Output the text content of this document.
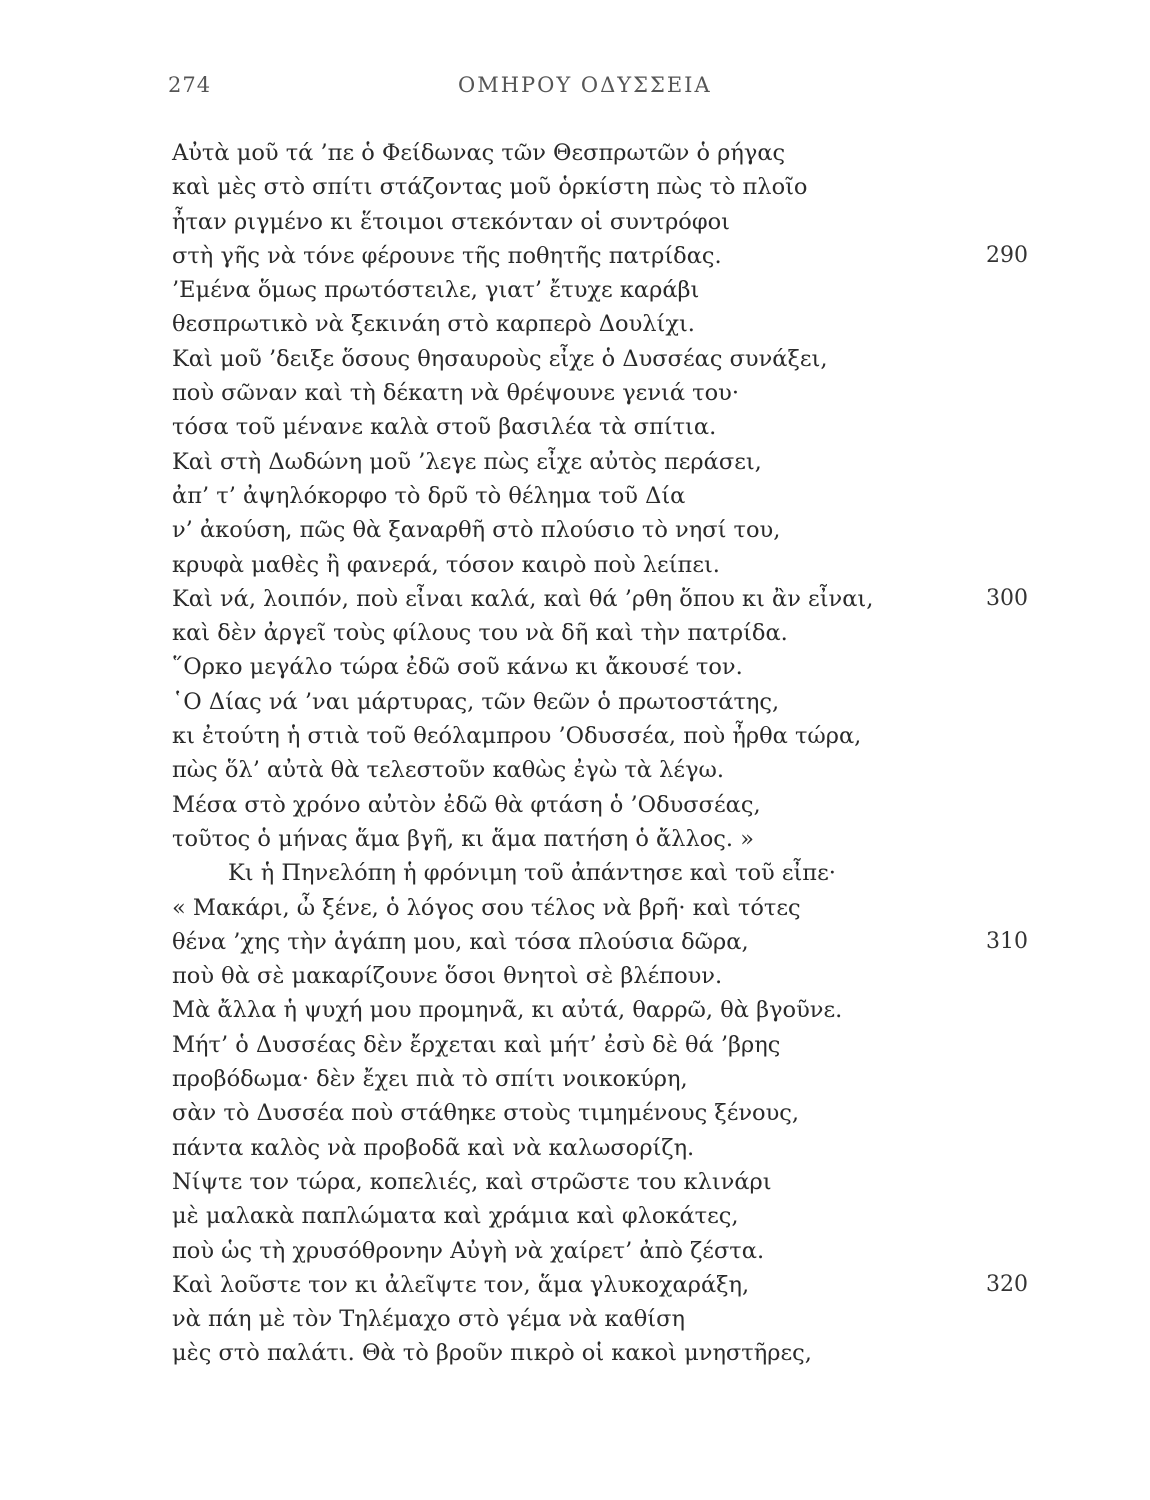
274	ΟΜΗΡΟΥ ΟΔΥΣΣΕΙΑ
Αὐτὰ μοῦ τά ’πε ὁ Φείδωνας τῶν Θεσπρωτῶν ὁ ρήγας
καὶ μὲς στὸ σπίτι στάζοντας μοῦ ὁρκίστη πὼς τὸ πλοῖο
ἦταν ριγμένο κι ἕτοιμοι στεκόνταν οἱ συντρόφοι
στὴ γῆς νὰ τόνε φέρουνε τῆς ποθητῆς πατρίδας.	290
’Εμένα ὅμως πρωτόστειλε, γιατ’ ἔτυχε καράβι
θεσπρωτικὸ νὰ ξεκινάη στὸ καρπερὸ Δουλίχι.
Καὶ μοῦ ’δειξε ὅσους θησαυροὺς εἶχε ὁ Δυσσέας συνάξει,
ποὺ σῶναν καὶ τὴ δέκατη νὰ θρέψουνε γενιά του·
τόσα τοῦ μένανε καλὰ στοῦ βασιλέα τὰ σπίτια.
Καὶ στὴ Δωδώνη μοῦ ’λεγε πὼς εἶχε αὐτὸς περάσει,
ἀπ’ τ’ ἀψηλόκορφο τὸ δρῦ τὸ θέλημα τοῦ Δία
ν’ ἀκούση, πῶς θὰ ξαναρθῆ στὸ πλούσιο τὸ νησί του,
κρυφὰ μαθὲς ἢ φανερά, τόσον καιρὸ ποὺ λείπει.
Καὶ νά, λοιπόν, ποὺ εἶναι καλά, καὶ θά ’ρθη ὅπου κι ἂν εἶναι,	300
καὶ δὲν ἀργεῖ τοὺς φίλους του νὰ δῆ καὶ τὴν πατρίδα.
῞Ορκο μεγάλο τώρα ἐδῶ σοῦ κάνω κι ἄκουσέ τον.
῾Ο Δίας νά ’ναι μάρτυρας, τῶν θεῶν ὁ πρωτοστάτης,
κι ἐτούτη ἡ στιὰ τοῦ θεόλαμπρου ’Οδυσσέα, ποὺ ἦρθα τώρα,
πὼς ὅλ’ αὐτὰ θὰ τελεστοῦν καθὼς ἐγὼ τὰ λέγω.
Μέσα στὸ χρόνο αὐτὸν ἐδῶ θὰ φτάση ὁ ’Οδυσσέας,
τοῦτος ὁ μήνας ἅμα βγῆ, κι ἅμα πατήση ὁ ἄλλος. »
Κι ἡ Πηνελόπη ἡ φρόνιμη τοῦ ἀπάντησε καὶ τοῦ εἶπε·
« Μακάρι, ὦ ξένε, ὁ λόγος σου τέλος νὰ βρῆ· καὶ τότες
θένα ’χης τὴν ἀγάπη μου, καὶ τόσα πλούσια δῶρα,	310
ποὺ θὰ σὲ μακαρίζουνε ὅσοι θνητοὶ σὲ βλέπουν.
Μὰ ἄλλα ἡ ψυχή μου προμηνᾶ, κι αὐτά, θαρρῶ, θὰ βγοῦνε.
Μήτ’ ὁ Δυσσέας δὲν ἔρχεται καὶ μήτ’ ἐσὺ δὲ θά ’βρης
προβόδωμα· δὲν ἔχει πιὰ τὸ σπίτι νοικοκύρη,
σὰν τὸ Δυσσέα ποὺ στάθηκε στοὺς τιμημένους ξένους,
πάντα καλὸς νὰ προβοδᾶ καὶ νὰ καλωσορίζη.
Νίψτε τον τώρα, κοπελιές, καὶ στρῶστε του κλινάρι
μὲ μαλακὰ παπλώματα καὶ χράμια καὶ φλοκάτες,
ποὺ ὡς τὴ χρυσόθρονην Αὐγὴ νὰ χαίρετ’ ἀπὸ ζέστα.
Καὶ λοῦστε τον κι ἀλεῖψτε τον, ἅμα γλυκοχαράξη,	320
νὰ πάη μὲ τὸν Τηλέμαχο στὸ γέμα νὰ καθίση
μὲς στὸ παλάτι. Θὰ τὸ βροῦν πικρὸ οἱ κακοὶ μνηστῆρες,
